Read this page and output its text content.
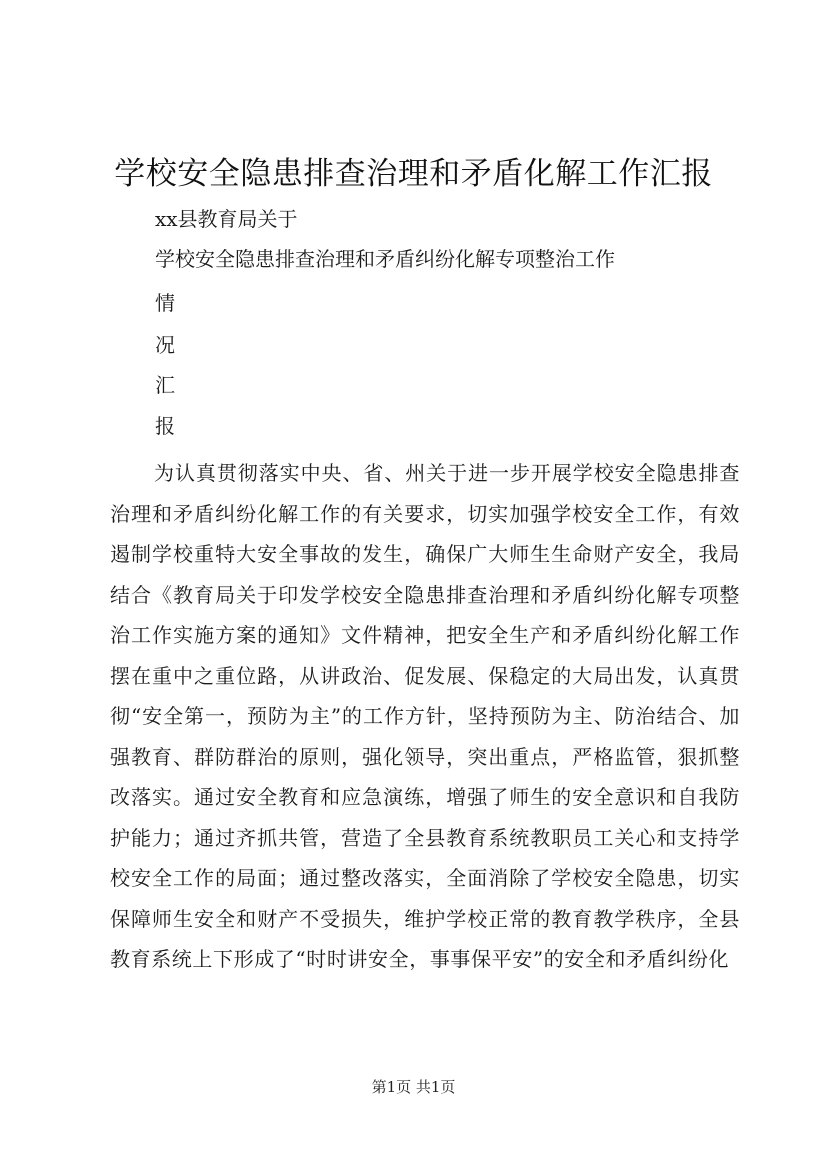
学校安全隐患排查治理和矛盾化解工作汇报
xx县教育局关于
学校安全隐患排查治理和矛盾纠纷化解专项整治工作
情
况
汇
报
为认真贯彻落实中央、省、州关于进一步开展学校安全隐患排查治理和矛盾纠纷化解工作的有关要求，切实加强学校安全工作，有效遏制学校重特大安全事故的发生，确保广大师生生命财产安全，我局结合《教育局关于印发学校安全隐患排查治理和矛盾纠纷化解专项整治工作实施方案的通知》文件精神，把安全生产和矛盾纠纷化解工作摆在重中之重位路，从讲政治、促发展、保稳定的大局出发，认真贯彻“安全第一，预防为主”的工作方针，坚持预防为主、防治结合、加强教育、群防群治的原则，强化领导，突出重点，严格监管，狠抓整改落实。通过安全教育和应急演练，增强了师生的安全意识和自我防护能力；通过齐抓共管，营造了全县教育系统教职员工关心和支持学校安全工作的局面；通过整改落实，全面消除了学校安全隐患，切实保障师生安全和财产不受损失，维护学校正常的教育教学秩序，全县教育系统上下形成了“时时讲安全，事事保平安”的安全和矛盾纠纷化
第1页 共1页
